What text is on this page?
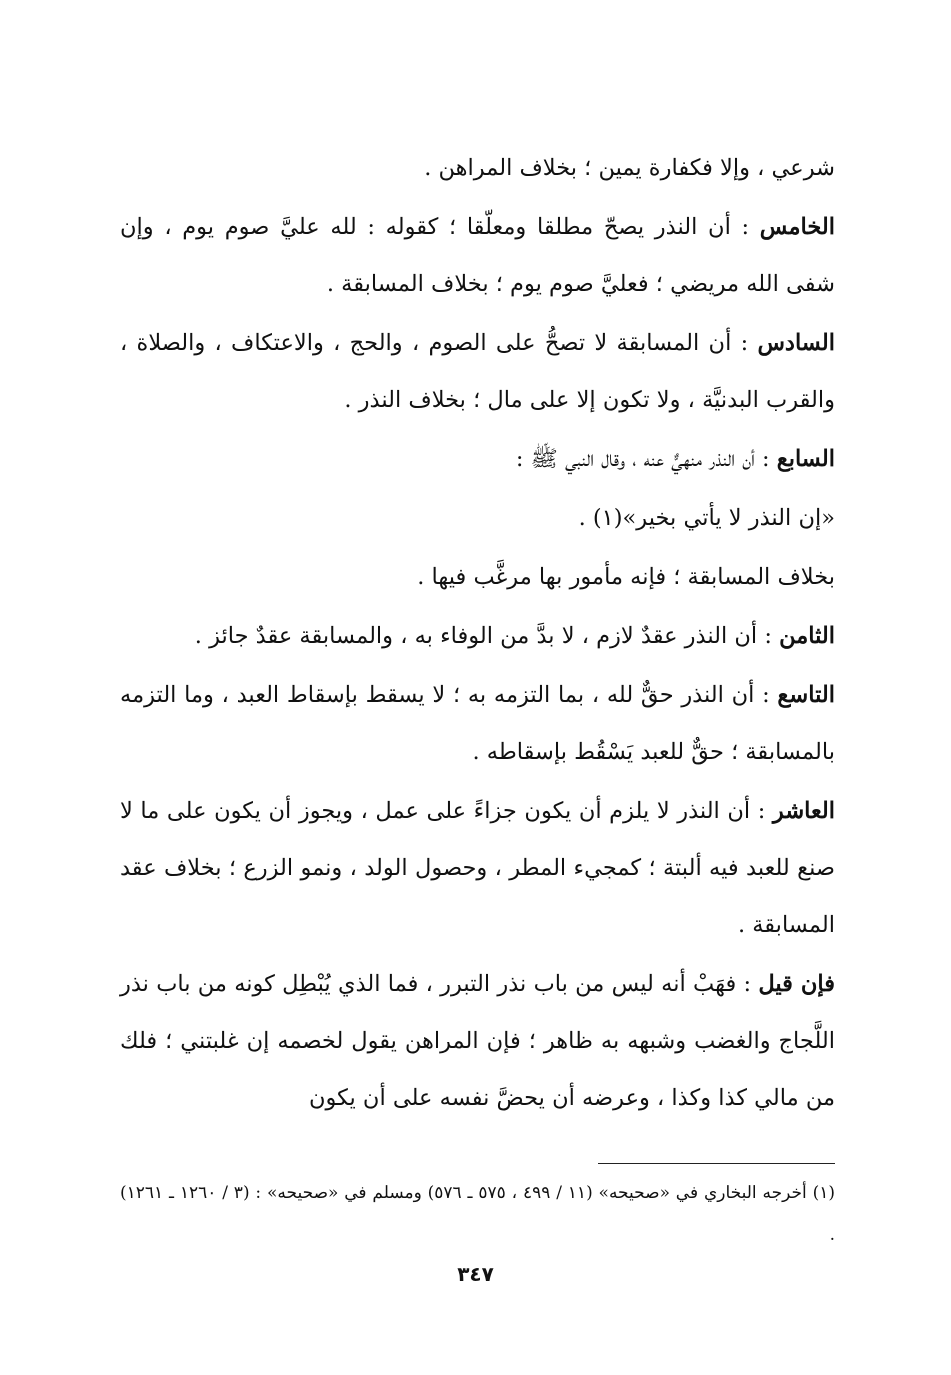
شرعي ، وإلا فكفارة يمين ؛ بخلاف المراهن .

الخامس : أن النذر يصحّ مطلقا ومعلّقا ؛ كقوله : لله عليَّ صوم يوم ، وإن شفى الله مريضي ؛ فعليَّ صوم يوم ؛ بخلاف المسابقة .

السادس : أن المسابقة لا تصحُّ على الصوم ، والحج ، والاعتكاف ، والصلاة ، والقرب البدنيَّة ، ولا تكون إلا على مال ؛ بخلاف النذر .

السابع : أن النذر منهيٌّ عنه ، وقال النبي ﷺ :

«إن النذر لا يأتي بخير»(١) .

بخلاف المسابقة ؛ فإنه مأمور بها مرغَّب فيها .

الثامن : أن النذر عقدٌ لازم ، لا بدَّ من الوفاء به ، والمسابقة عقدٌ جائز .

التاسع : أن النذر حقٌّ لله ، بما التزمه به ؛ لا يسقط بإسقاط العبد ، وما التزمه بالمسابقة ؛ حقٌّ للعبد يَسْقُط بإسقاطه .

العاشر : أن النذر لا يلزم أن يكون جزاءً على عمل ، ويجوز أن يكون على ما لا صنع للعبد فيه ألبتة ؛ كمجيء المطر ، وحصول الولد ، ونمو الزرع ؛ بخلاف عقد المسابقة .

فإن قيل : فهَبْ أنه ليس من باب نذر التبرر ، فما الذي يُبْطِل كونه من باب نذر اللَّجاج والغضب وشبهه به ظاهر ؛ فإن المراهن يقول لخصمه إن غلبتني ؛ فلك من مالي كذا وكذا ، وعرضه أن يحضَّ نفسه على أن يكون

(١) أخرجه البخاري في «صحيحه» (١١ / ٤٩٩ ، ٥٧٥ ـ ٥٧٦) ومسلم في «صحيحه» : (٣ / ١٢٦٠ ـ ١٢٦١) .
٣٤٧
